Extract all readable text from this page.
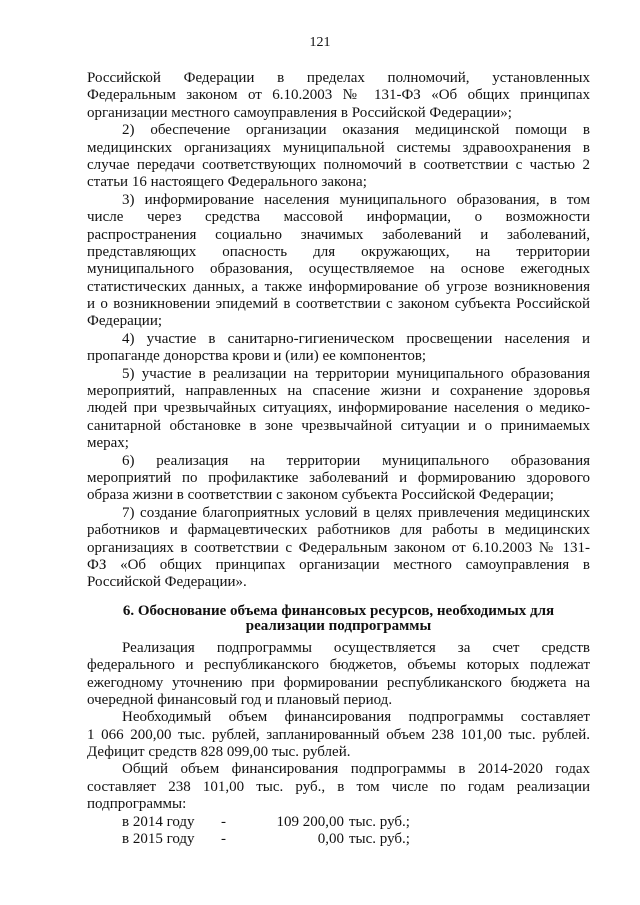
121
Российской Федерации в пределах полномочий, установленных
Федеральным законом от 6.10.2003 № 131-ФЗ «Об общих принципах
организации местного самоуправления в Российской Федерации»;
2) обеспечение организации оказания медицинской помощи в
медицинских организациях муниципальной системы здравоохранения в
случае передачи соответствующих полномочий в соответствии с частью 2
статьи 16 настоящего Федерального закона;
3) информирование населения муниципального образования, в том
числе через средства массовой информации, о возможности
распространения социально значимых заболеваний и заболеваний,
представляющих опасность для окружающих, на территории
муниципального образования, осуществляемое на основе ежегодных
статистических данных, а также информирование об угрозе возникновения
и о возникновении эпидемий в соответствии с законом субъекта Российской
Федерации;
4) участие в санитарно-гигиеническом просвещении населения и
пропаганде донорства крови и (или) ее компонентов;
5) участие в реализации на территории муниципального образования
мероприятий, направленных на спасение жизни и сохранение здоровья
людей при чрезвычайных ситуациях, информирование населения о медико-
санитарной обстановке в зоне чрезвычайной ситуации и о принимаемых
мерах;
6) реализация на территории муниципального образования
мероприятий по профилактике заболеваний и формированию здорового
образа жизни в соответствии с законом субъекта Российской Федерации;
7) создание благоприятных условий в целях привлечения медицинских
работников и фармацевтических работников для работы в медицинских
организациях в соответствии с Федеральным законом от 6.10.2003 № 131-
ФЗ «Об общих принципах организации местного самоуправления в
Российской Федерации».
6. Обоснование объема финансовых ресурсов, необходимых для
реализации подпрограммы
Реализация подпрограммы осуществляется за счет средств
федерального и республиканского бюджетов, объемы которых подлежат
ежегодному уточнению при формировании республиканского бюджета на
очередной финансовый год и плановый период.
Необходимый объем финансирования подпрограммы составляет
1 066 200,00 тыс. рублей, запланированный объем 238 101,00 тыс. рублей.
Дефицит средств 828 099,00 тыс. рублей.
Общий объем финансирования подпрограммы в 2014-2020 годах
составляет 238 101,00 тыс. руб., в том числе по годам реализации
подпрограммы:
в 2014 году -	109 200,00 тыс. руб.;
в 2015 году -	0,00 тыс. руб.;
